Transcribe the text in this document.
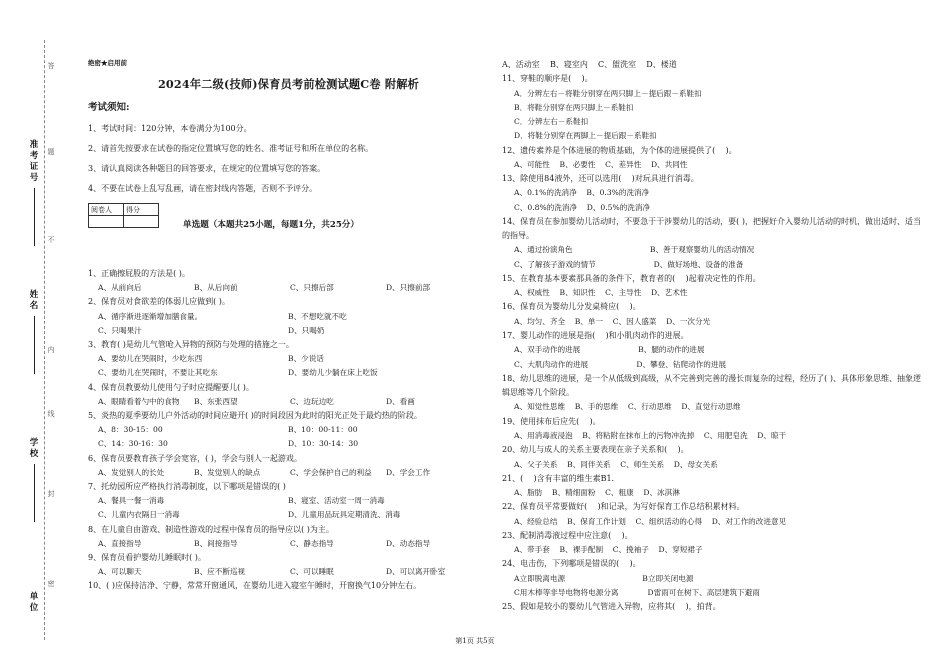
答
准考证号
姓名
学校
单位
题
不
内
线
封
密
绝密★启用前
2024年二级(技师)保育员考前检测试题C卷 附解析
考试须知:
1、考试时间：120分钟，本卷满分为100分。
2、请首先按要求在试卷的指定位置填写您的姓名、准考证号和所在单位的名称。
3、请认真阅读各种题目的回答要求，在规定的位置填写您的答案。
4、不要在试卷上乱写乱画，请在密封线内答题，否则不予评分。
阅卷人	得分

单选题（本题共25小题，每题1分，共25分）
1、正确擦屁股的方法是( )。
A、从前向后	B、从后向前	C、只擦后部	D、只擦前部
2、保育员对食欲差的体弱儿应做到( )。
A、循序渐进逐渐增加膳食量。	B、不想吃就不吃
C、只喝果汁	D、只喝奶
3、教育( )是幼儿气管呛入异物的预防与处理的措施之一。
A、要幼儿在哭闹时，少吃东西	B、少说话
C、要幼儿在哭闹时，不要让其吃东	D、要幼儿少躺在床上吃饭
4、保育员教要幼儿使用勺子时应提醒要儿( )。
A、眼睛看着勺中的食物	B、东张西望	C、边玩边吃	D、看画
5、炎热的夏季要幼儿户外活动的时间应避开( )的时间段因为此时的阳光正处于最灼热的阶段。
A、8：30-15：00	B、10：00-11：00
C、14：30-16：30	D、10：30-14：30
6、保育员要教育孩子学会宽容，( )，学会与别人一起游戏。
A、发觉别人的长处	B、发觉别人的缺点	C、学会保护自己的利益	D、学会工作
7、托幼园所应严格执行消毒制度，以下哪项是错误的( )
A、餐具一餐一消毒	B、寝室、活动室一周一消毒
C、儿童内衣隔日一消毒	D、儿童用品玩具定期清洗、消毒
8、在儿童自由游戏、制造性游戏的过程中保育员的指导应以( )为主。
A、直接指导	B、间接指导	C、静态指导	D、动态指导
9、保育员看护婴幼儿睡眠时( )。
A、可以聊天	B、应不断巡视	C、可以睡眠	D、可以离开卧室
10、( )应保持洁净、宁静，常常开窗通风，在婴幼儿进入寝室午睡时，开窗换气10分钟左右。
A、活动室    B、寝室内    C、盥洗室    D、楼道
11、穿鞋的顺序是(    )。
A．分辨左右－将鞋分别穿在两只脚上－提后跟－系鞋扣
B．将鞋分别穿在两只脚上－系鞋扣
C．分辨左右－系鞋扣
D．将鞋分别穿在两脚上－提后跟－系鞋扣
12、遗传素养是个体进展的物质基础，为个体的进展提供了(    )。
A、可能性    B、必要性    C、差异性    D、共同性
13、除使用84液外，还可以选用(    )对玩具进行消毒。
A、0.1%的洗消净    B、0.3%的洗消净
C、0.8%的洗消净    D、0.5%的洗消净
14、保育员在参加婴幼儿活动时，不要急于干涉婴幼儿的活动，要( )，把握好介入婴幼儿活动的时机，做出适时、适当的指导。
A、通过扮演角色                                B、善于观察婴幼儿的活动情况
C、了解孩子游戏的情节                        D、做好场地、设备的准备
15、在教育基本要素那具备的条件下，教育者的(    )起着决定性的作用。
A、权威性    B、知识性    C、主导性    D、艺术性
16、保育员为婴幼儿分发桌椅应(    )。
A、均匀、齐全    B、单一    C、因人盛菜    D、一次分光
17、婴儿动作的进展是指(    )和小肌肉动作的进展。
A、双手动作的进展                        B、腿的动作的进展
C、大肌肉动作的进展                    D、攀登、钻爬动作的进展
18、幼儿思维的进展，是一个从低级到高级，从不完善到完善的漫长而复杂的过程，经历了( )、具体形象思维、抽象逻辑思维等几个阶段。
A、知觉性思维    B、手的思维    C、行动思维    D、直觉行动思维
19、使用抹布后应先(    )。
A、用消毒液浸泡    B、将粘附在抹布上的污物冲洗掉    C、用肥皂洗    D、晾干
20、幼儿与成人的关系主要表现在亲子关系和(    )。
A、父子关系    B、同伴关系    C、师生关系    D、母女关系
21、(    )含有丰富的维生素B1.
A、脂肪    B、精细面粉    C、粗康    D、冰淇淋
22、保育员平常要做好(    )和记录，为写好保育工作总结积累材料。
A、经验总结    B、保育工作计划    C、组织活动的心得    D、对工作的改进意见
23、配制消毒液过程中应注意(    )。
A、带手套    B、裸手配制    C、挽袖子    D、穿短裙子
24、电击伤，下列哪项是错误的(    )。
A立即脱离电源                                B立即关闭电源
C用木棒等非导电物将电源分离            D雷雨可在树下、高层建筑下避雨
25、假如是较小的婴幼儿气管进入异物，应将其(    )，拍背。
第1页 共5页
